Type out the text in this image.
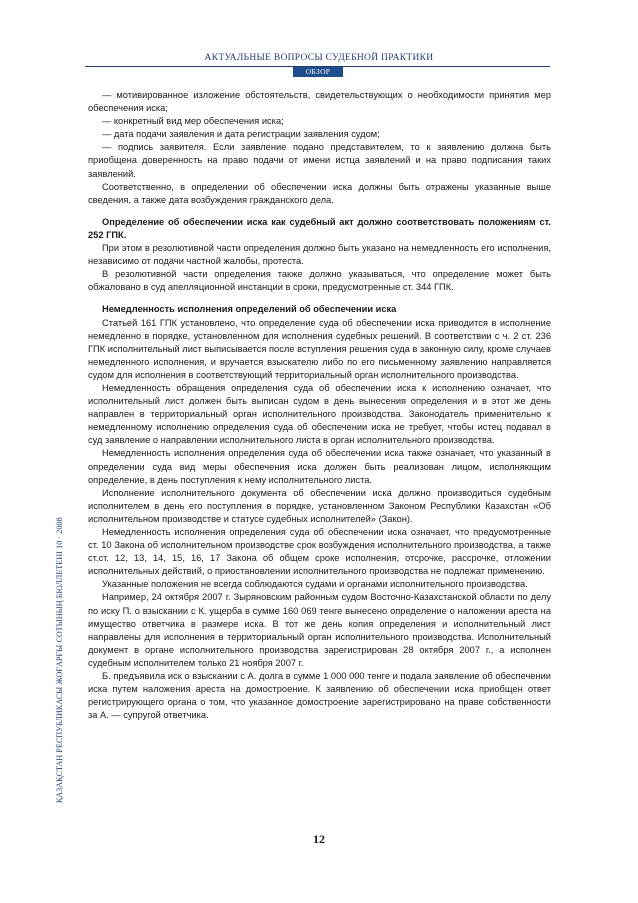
АКТУАЛЬНЫЕ ВОПРОСЫ СУДЕБНОЙ ПРАКТИКИ
ОБЗОР
ҚАЗАҚСТАН РЕСПУБЛИКАСЫ ЖОҒАРҒЫ СОТЫНЫҢ БЮЛЛЕТЕНІ 10 · 2008

— мотивированное изложение обстоятельств, свидетельствующих о необходимости принятия мер обеспечения иска;

— конкретный вид мер обеспечения иска;

— дата подачи заявления и дата регистрации заявления судом;

— подпись заявителя. Если заявление подано представителем, то к заявлению должна быть приобщена доверенность на право подачи от имени истца заявлений и на право подписания таких заявлений.

Соответственно, в определении об обеспечении иска должны быть отражены указанные выше сведения, а также дата возбуждения гражданского дела.

Определение об обеспечении иска как судебный акт должно соответствовать положениям ст. 252 ГПК.

При этом в резолютивной части определения должно быть указано на немедленность его исполнения, независимо от подачи частной жалобы, протеста.

В резолютивной части определения также должно указываться, что определение может быть обжаловано в суд апелляционной инстанции в сроки, предусмотренные ст. 344 ГПК.

Немедленность исполнения определений об обеспечении иска

Статьей 161 ГПК установлено, что определение суда об обеспечении иска приводится в исполнение немедленно в порядке, установленном для исполнения судебных решений. В соответствии с ч. 2 ст. 236 ГПК исполнительный лист выписывается после вступления решения суда в законную силу, кроме случаев немедленного исполнения, и вручается взыскателю либо по его письменному заявлению направляется судом для исполнения в соответствующий территориальный орган исполнительного производства.

Немедленность обращения определения суда об обеспечении иска к исполнению означает, что исполнительный лист должен быть выписан судом в день вынесения определения и в этот же день направлен в территориальный орган исполнительного производства. Законодатель применительно к немедленному исполнению определения суда об обеспечении иска не требует, чтобы истец подавал в суд заявление о направлении исполнительного листа в орган исполнительного производства.

Немедленность исполнения определения суда об обеспечении иска также означает, что указанный в определении суда вид меры обеспечения иска должен быть реализован лицом, исполняющим определение, в день поступления к нему исполнительного листа.

Исполнение исполнительного документа об обеспечении иска должно производиться судебным исполнителем в день его поступления в порядке, установленном Законом Республики Казахстан «Об исполнительном производстве и статусе судебных исполнителей» (Закон).

Немедленность исполнения определения суда об обеспечении иска означает, что предусмотренные ст. 10 Закона об исполнительном производстве срок возбуждения исполнительного производства, а также ст.ст. 12, 13, 14, 15, 16, 17 Закона об общем сроке исполнения, отсрочке, рассрочке, отложении исполнительных действий, о приостановлении исполнительного производства не подлежат применению.

Указанные положения не всегда соблюдаются судами и органами исполнительного производства.

Например, 24 октября 2007 г. Зыряновским районным судом Восточно-Казахстанской области по делу по иску П. о взыскании с К. ущерба в сумме 160 069 тенге вынесено определение о наложении ареста на имущество ответчика в размере иска. В тот же день копия определения и исполнительный лист направлены для исполнения в территориальный орган исполнительного производства. Исполнительный документ в органе исполнительного производства зарегистрирован 28 октября 2007 г., а исполнен судебным исполнителем только 21 ноября 2007 г.

Б. предъявила иск о взыскании с А. долга в сумме 1 000 000 тенге и подала заявление об обеспечении иска путем наложения ареста на домостроение. К заявлению об обеспечении иска приобщен ответ регистрирующего органа о том, что указанное домостроение зарегистрировано на праве собственности за А. — супругой ответчика.

12
